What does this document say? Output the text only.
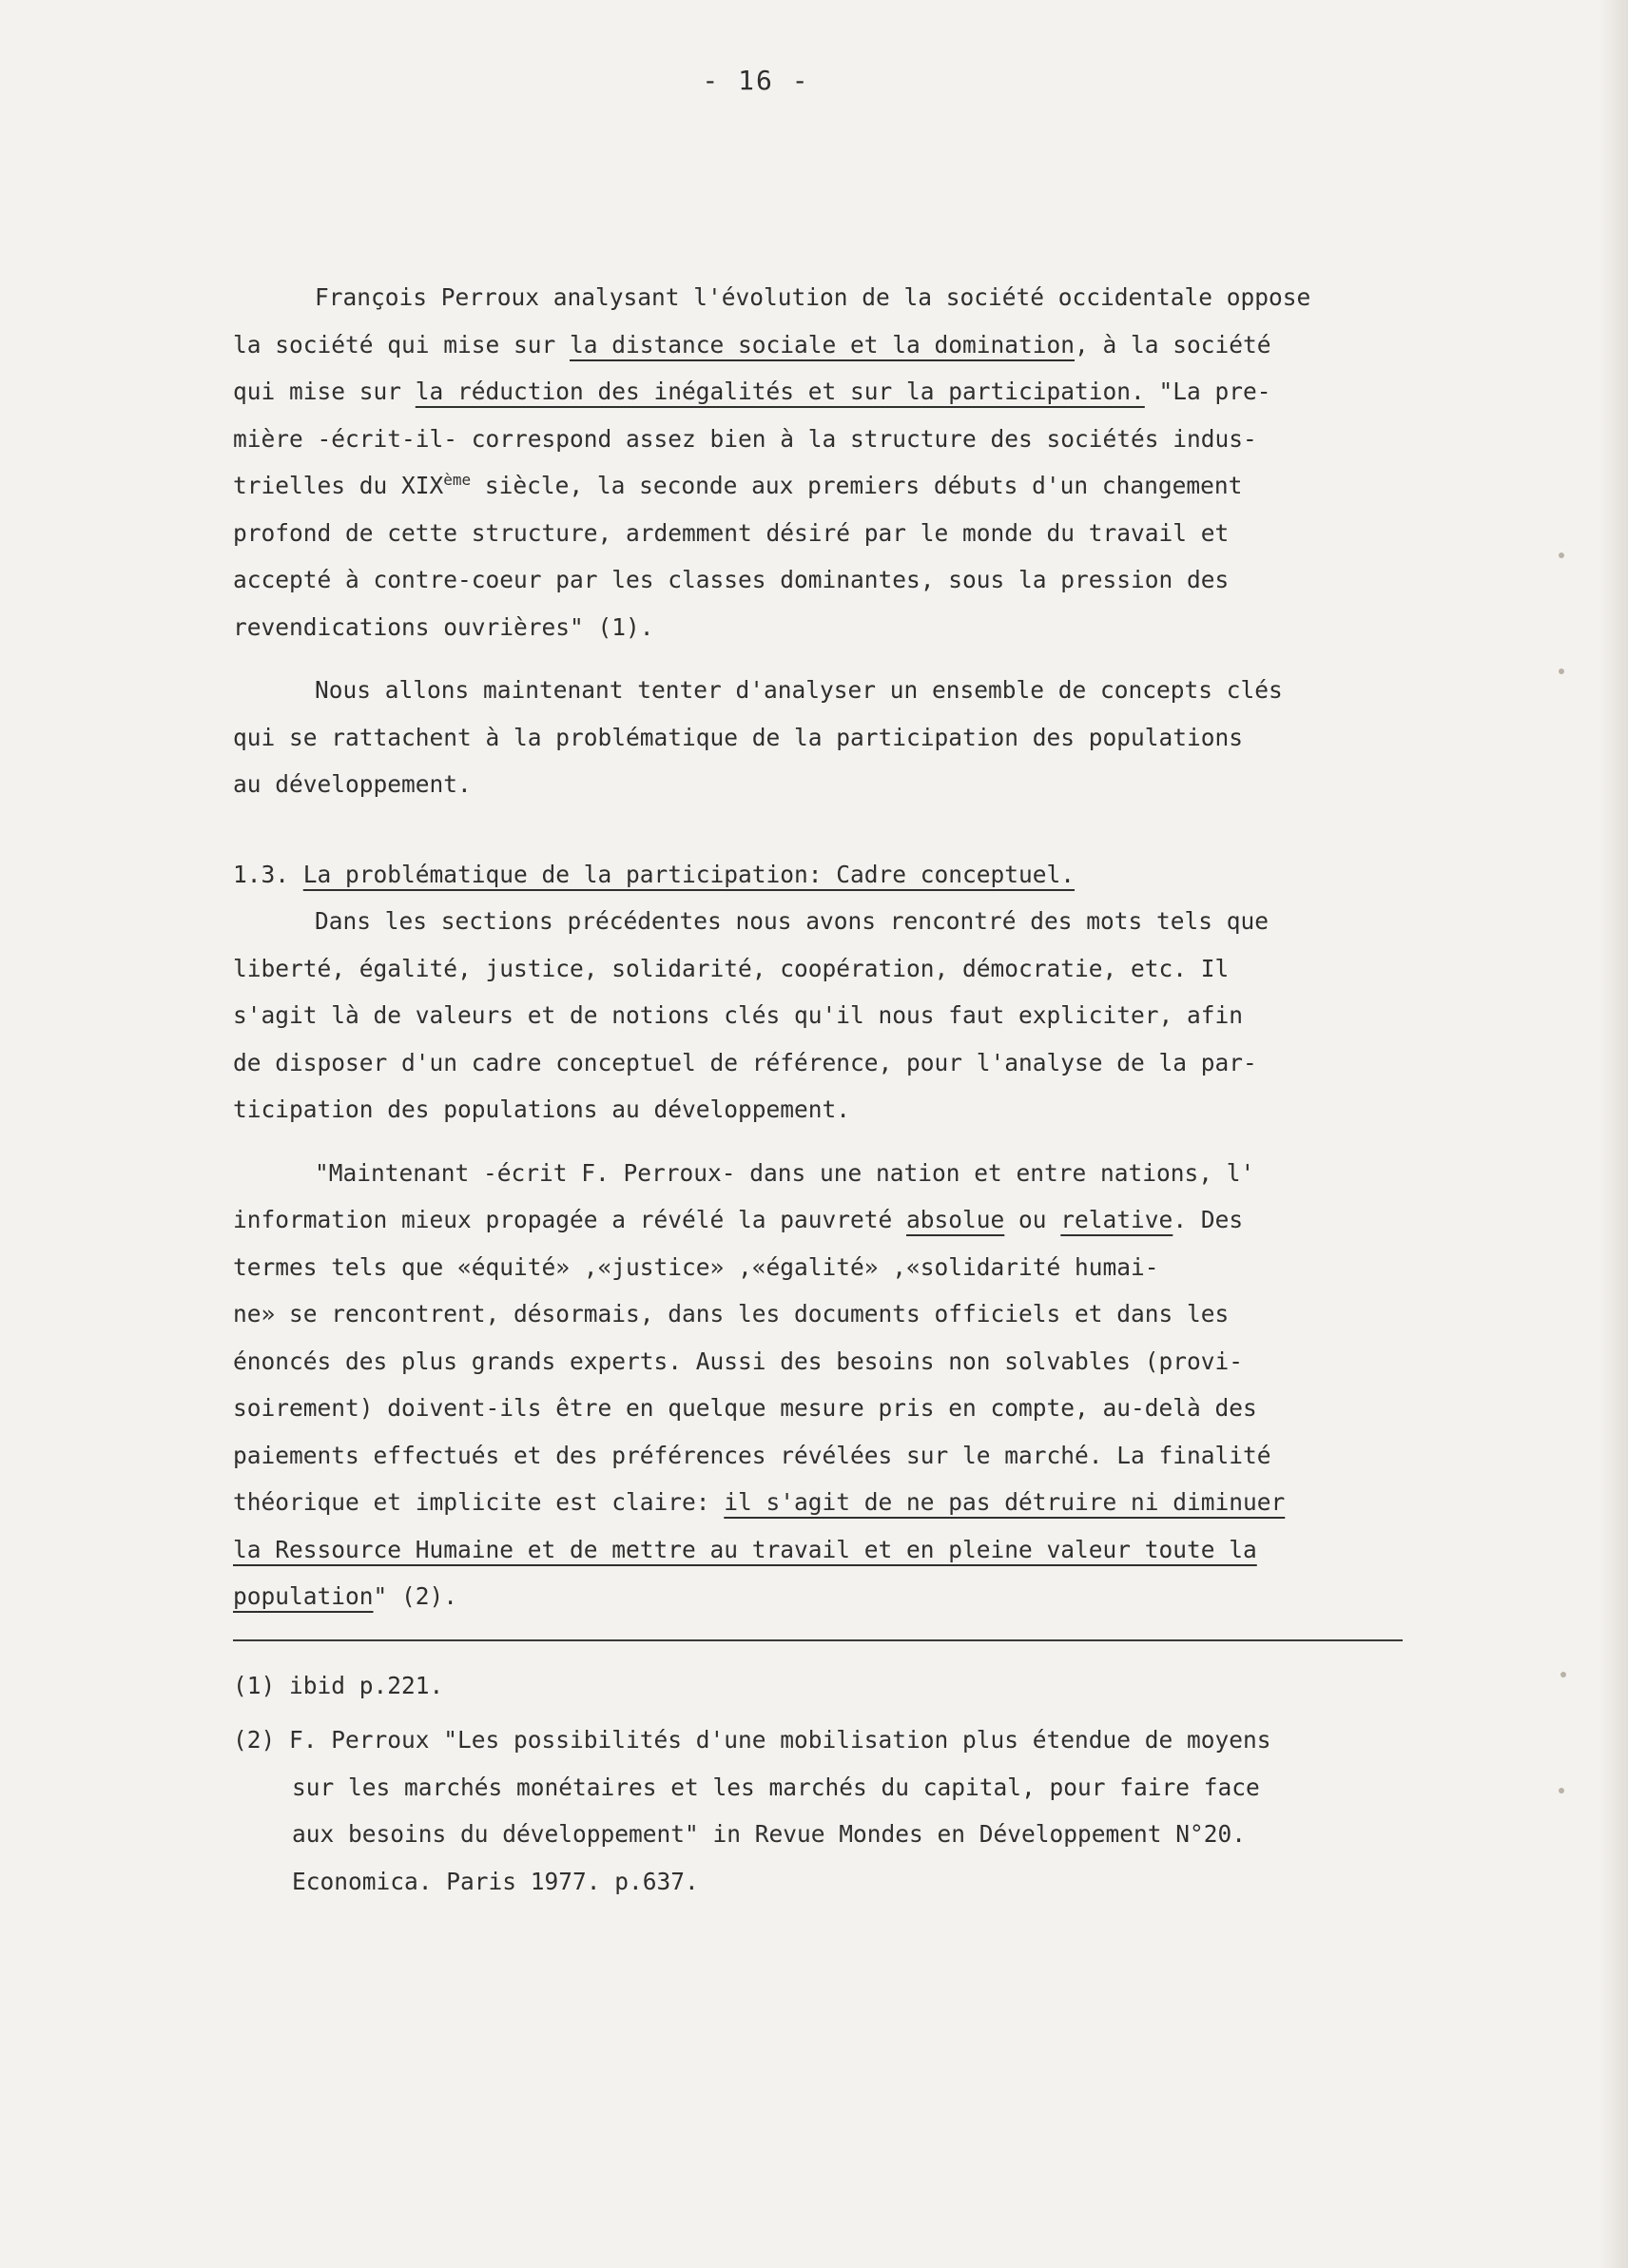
- 16 -
François Perroux analysant l'évolution de la société occidentale oppose
la société qui mise sur la distance sociale et la domination, à la société
qui mise sur la réduction des inégalités et sur la participation. "La pre-
mière -écrit-il- correspond assez bien à la structure des sociétés indus-
trielles du XIXème siècle, la seconde aux premiers débuts d'un changement
profond de cette structure, ardemment désiré par le monde du travail et
accepté à contre-coeur par les classes dominantes, sous la pression des
revendications ouvrières" (1).
Nous allons maintenant tenter d'analyser un ensemble de concepts clés
qui se rattachent à la problématique de la participation des populations
au développement.
1.3. La problématique de la participation: Cadre conceptuel.
Dans les sections précédentes nous avons rencontré des mots tels que
liberté, égalité, justice, solidarité, coopération, démocratie, etc. Il
s'agit là de valeurs et de notions clés qu'il nous faut expliciter, afin
de disposer d'un cadre conceptuel de référence, pour l'analyse de la par-
ticipation des populations au développement.
"Maintenant -écrit F. Perroux- dans une nation et entre nations, l'
information mieux propagée a révélé la pauvreté absolue ou relative. Des
termes tels que «équité» ,«justice» ,«égalité» ,«solidarité humai-
ne» se rencontrent, désormais, dans les documents officiels et dans les
énoncés des plus grands experts. Aussi des besoins non solvables (provi-
soirement) doivent-ils être en quelque mesure pris en compte, au-delà des
paiements effectués et des préférences révélées sur le marché. La finalité
théorique et implicite est claire: il s'agit de ne pas détruire ni diminuer
la Ressource Humaine et de mettre au travail et en pleine valeur toute la
population" (2).
(1) ibid p.221.
(2) F. Perroux "Les possibilités d'une mobilisation plus étendue de moyens
sur les marchés monétaires et les marchés du capital, pour faire face
aux besoins du développement" in Revue Mondes en Développement N°20.
Economica. Paris 1977. p.637.
